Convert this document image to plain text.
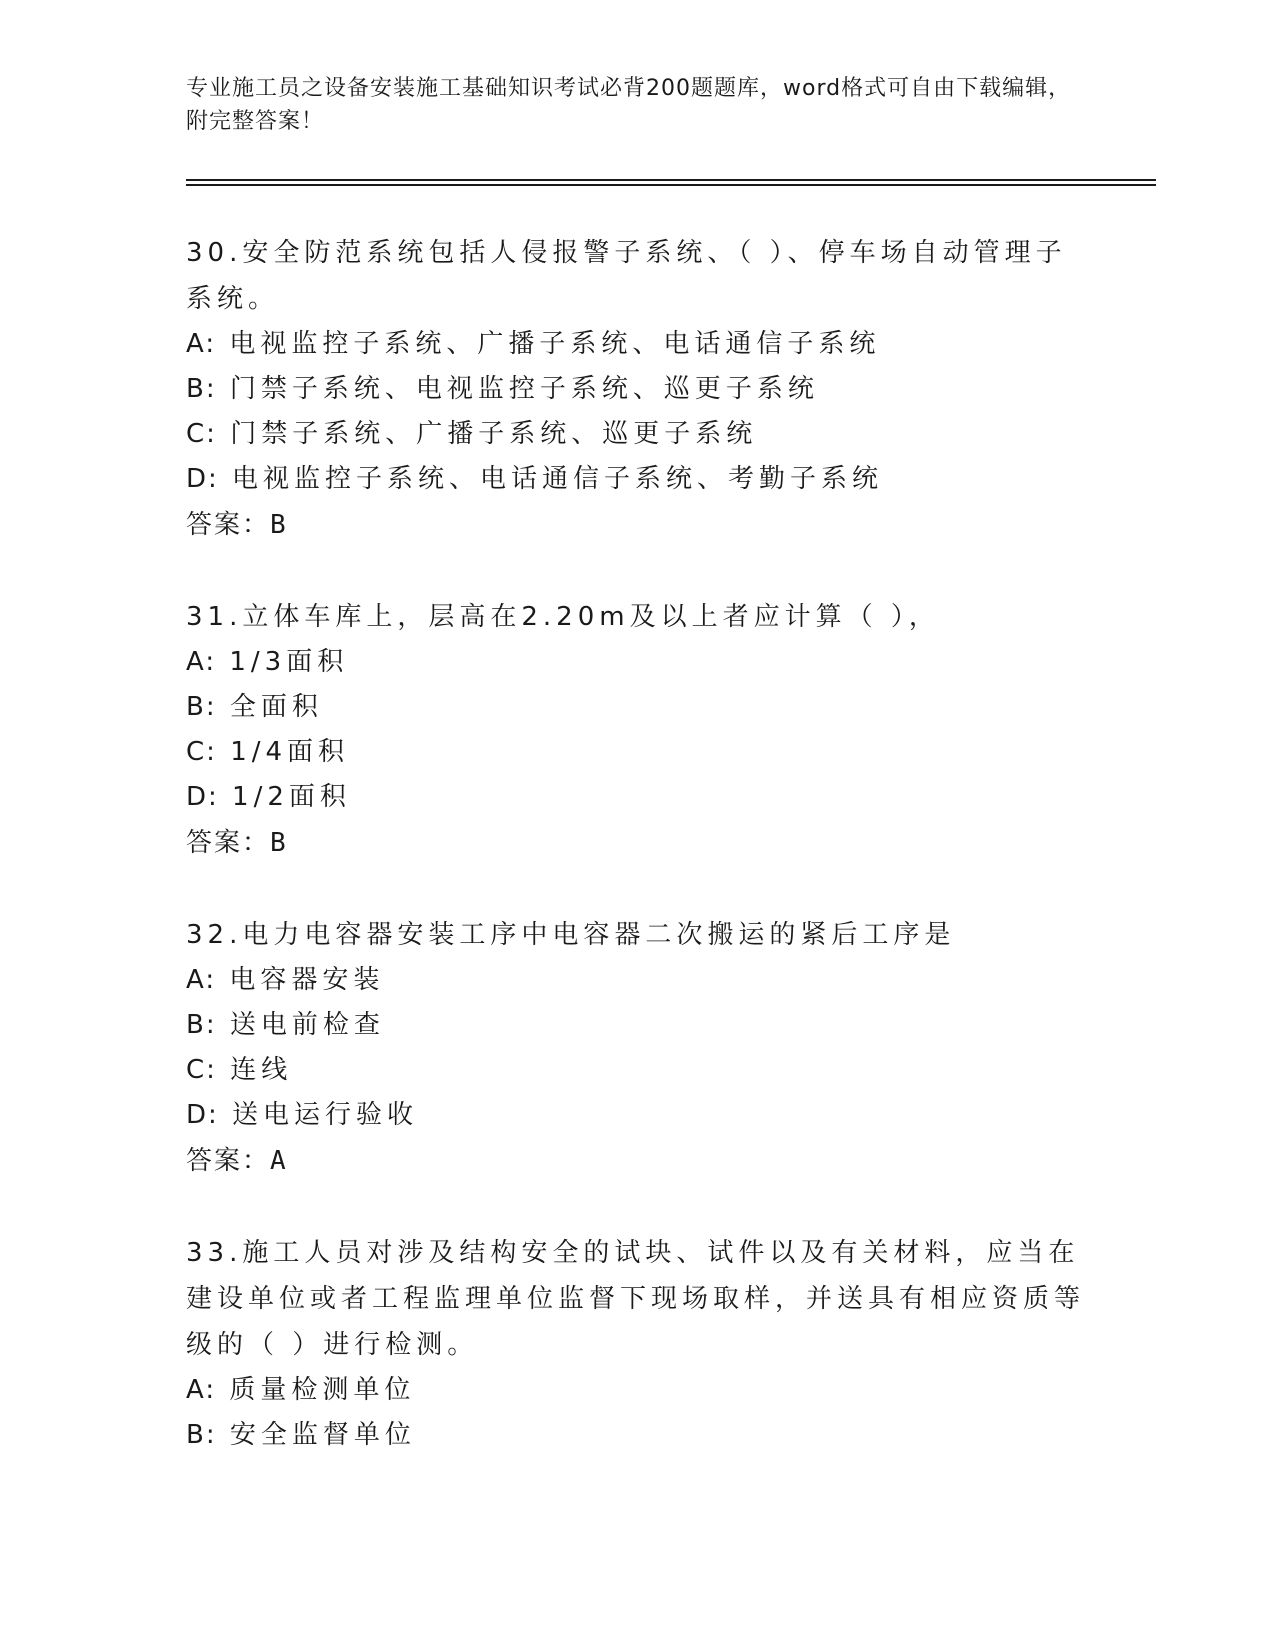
专业施工员之设备安装施工基础知识考试必背200题题库，word格式可自由下载编辑，附完整答案！

30.安全防范系统包括人侵报警子系统、（ ）、停车场自动管理子系统。

A: 电视监控子系统、广播子系统、电话通信子系统

B: 门禁子系统、电视监控子系统、巡更子系统

C: 门禁子系统、广播子系统、巡更子系统

D: 电视监控子系统、电话通信子系统、考勤子系统

答案：B

31.立体车库上，层高在2.20m及以上者应计算（ ），

A: 1/3面积

B: 全面积

C: 1/4面积

D: 1/2面积

答案：B

32.电力电容器安装工序中电容器二次搬运的紧后工序是

A: 电容器安装

B: 送电前检查

C: 连线

D: 送电运行验收

答案：A

33.施工人员对涉及结构安全的试块、试件以及有关材料，应当在建设单位或者工程监理单位监督下现场取样，并送具有相应资质等级的（ ）进行检测。

A: 质量检测单位

B: 安全监督单位
